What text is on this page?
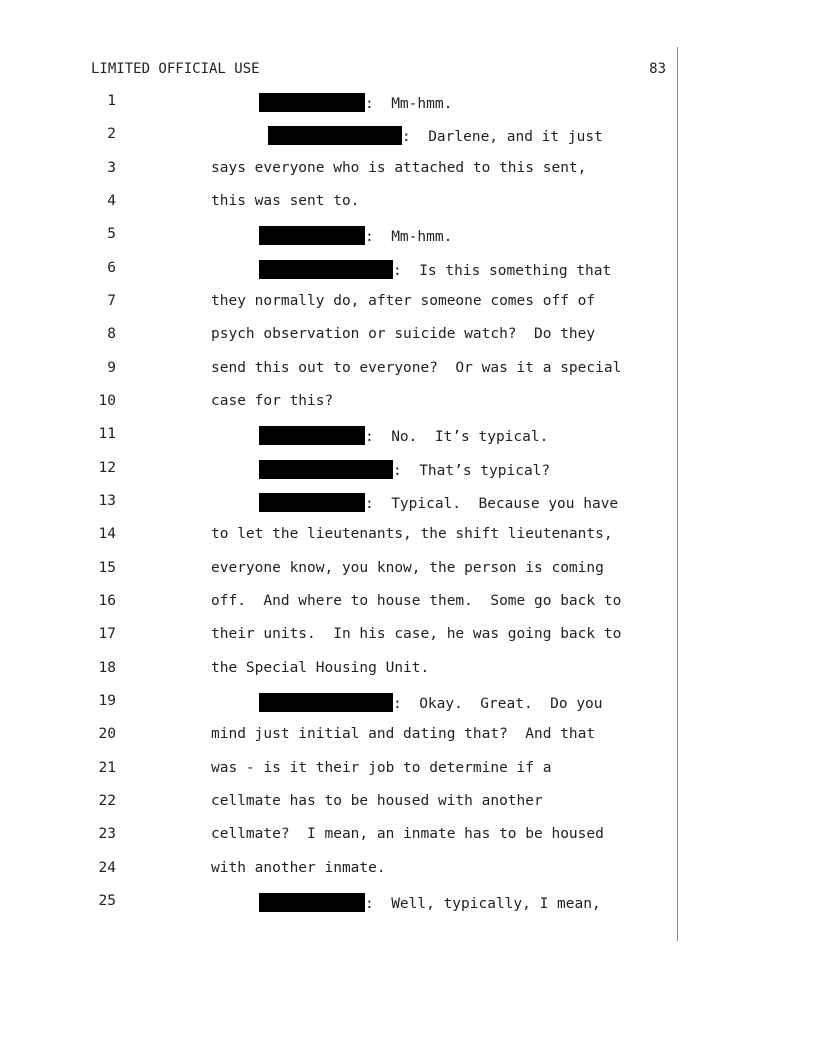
LIMITED OFFICIAL USE	83
1	:  Mm-hmm.
2	:  Darlene, and it just
3	says everyone who is attached to this sent,
4	this was sent to.
5	:  Mm-hmm.
6	:  Is this something that
7	they normally do, after someone comes off of
8	psych observation or suicide watch?  Do they
9	send this out to everyone?  Or was it a special
10	case for this?
11	:  No.  It’s typical.
12	:  That’s typical?
13	:  Typical.  Because you have
14	to let the lieutenants, the shift lieutenants,
15	everyone know, you know, the person is coming
16	off.  And where to house them.  Some go back to
17	their units.  In his case, he was going back to
18	the Special Housing Unit.
19	:  Okay.  Great.  Do you
20	mind just initial and dating that?  And that
21	was - is it their job to determine if a
22	cellmate has to be housed with another
23	cellmate?  I mean, an inmate has to be housed
24	with another inmate.
25	:  Well, typically, I mean,
